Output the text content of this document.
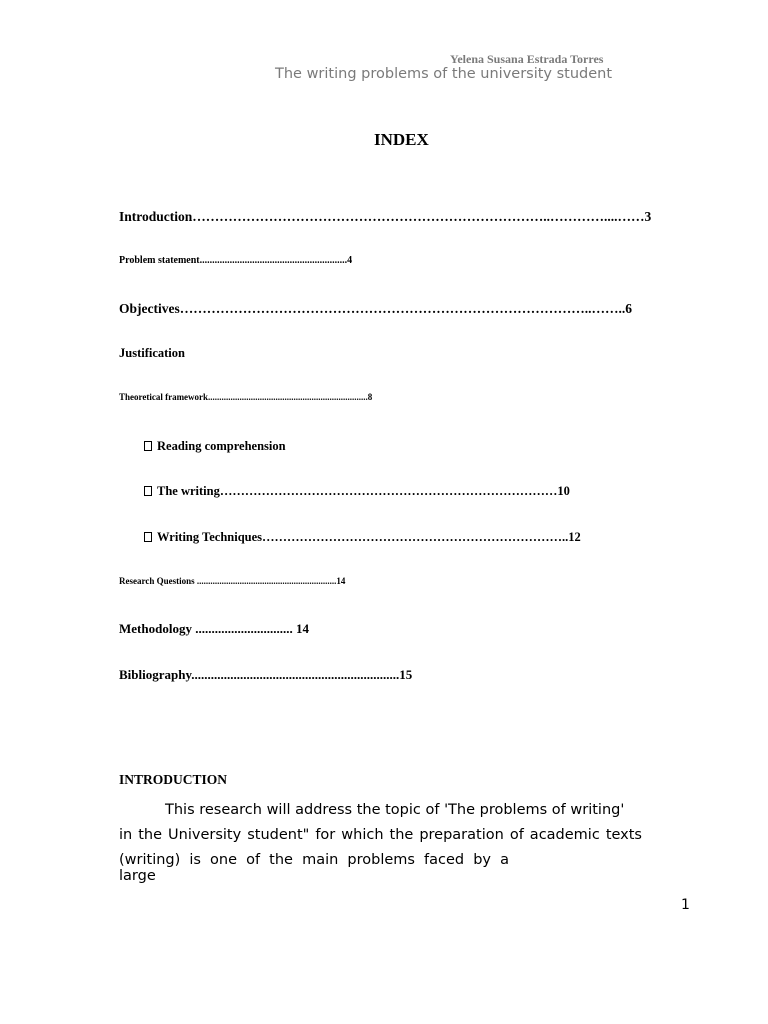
Yelena Susana Estrada Torres
The writing problems of the university student
INDEX
Introduction……………………………………………………………………..…………....……3
Problem statement...........................................................4
Objectives………………………………………………………………………………..……..6
Justification
Theoretical framework.......................................................................8
Reading comprehension
The writing………………………………………………………………………10
Writing Techniques………………………………………………………………..12
Research Questions ..............................................................14
Methodology .............................. 14
Bibliography................................................................15
INTRODUCTION
This research will address the topic of 'The problems of writing'
in the University student" for which the preparation of academic texts
(writing) is one of the main problems faced by a large
1
